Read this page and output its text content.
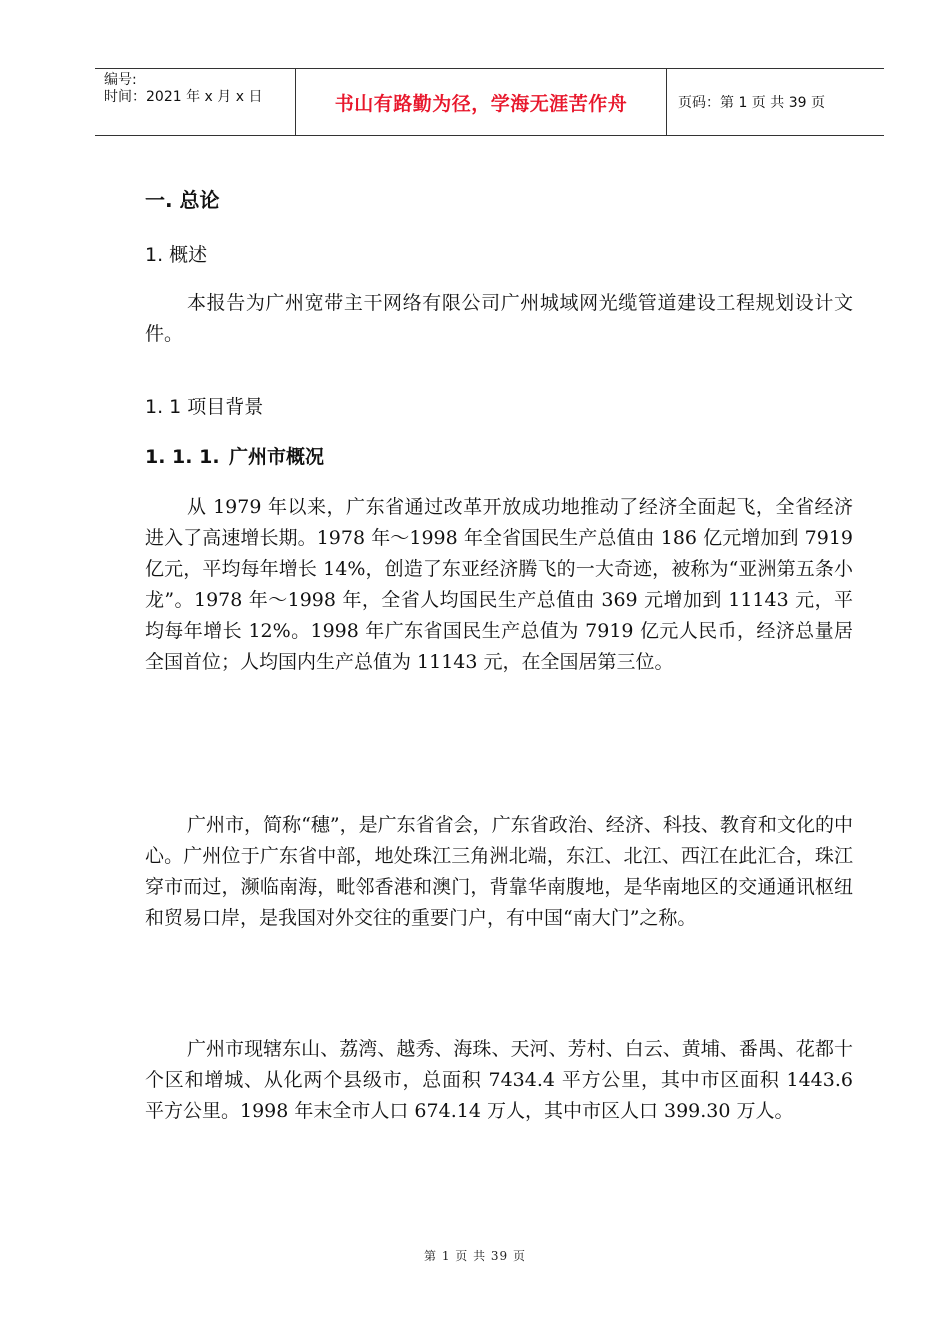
编号:
时间：2021 年 x 月 x 日	书山有路勤为径，学海无涯苦作舟	页码：第 1 页 共 39 页
一. 总论
1. 概述

本报告为广州宽带主干网络有限公司广州城域网光缆管道建设工程规划设计文件。

1. 1 项目背景
1. 1. 1. 广州市概况

从 1979 年以来，广东省通过改革开放成功地推动了经济全面起飞，全省经济进入了高速增长期。1978 年～1998 年全省国民生产总值由 186 亿元增加到 7919 亿元，平均每年增长 14%，创造了东亚经济腾飞的一大奇迹，被称为“亚洲第五条小龙”。1978 年～1998 年，全省人均国民生产总值由 369 元增加到 11143 元，平均每年增长 12%。1998 年广东省国民生产总值为 7919 亿元人民币，经济总量居全国首位；人均国内生产总值为 11143 元，在全国居第三位。

广州市，简称“穗”，是广东省省会，广东省政治、经济、科技、教育和文化的中心。广州位于广东省中部，地处珠江三角洲北端，东江、北江、西江在此汇合，珠江穿市而过，濒临南海，毗邻香港和澳门，背靠华南腹地，是华南地区的交通通讯枢纽和贸易口岸，是我国对外交往的重要门户，有中国“南大门”之称。

广州市现辖东山、荔湾、越秀、海珠、天河、芳村、白云、黄埔、番禺、花都十个区和增城、从化两个县级市，总面积 7434.4 平方公里，其中市区面积 1443.6 平方公里。1998 年末全市人口 674.14 万人，其中市区人口 399.30 万人。

第 1 页 共 39 页
